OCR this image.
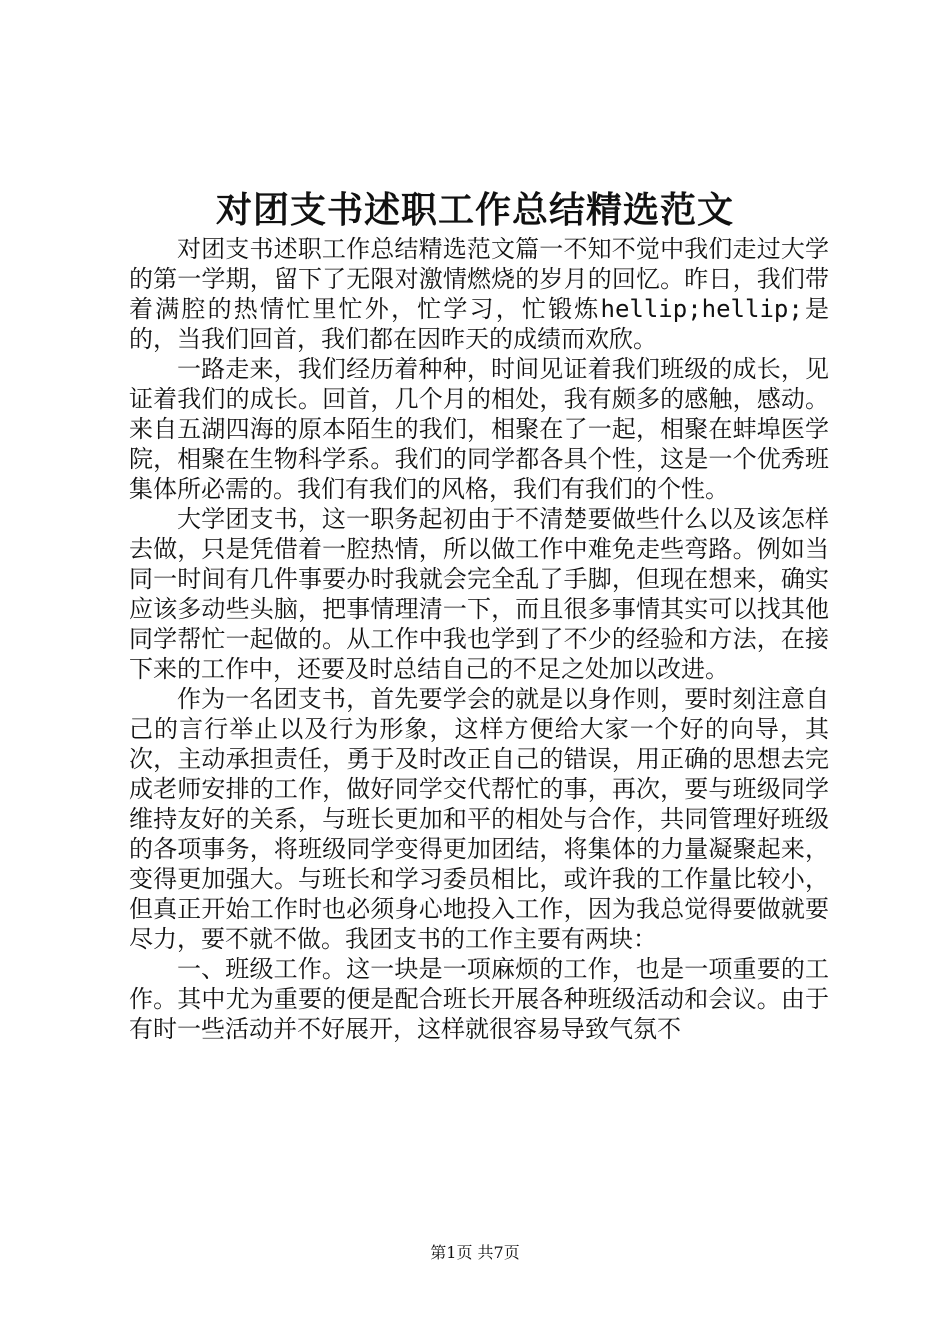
对团支书述职工作总结精选范文

对团支书述职工作总结精选范文篇一不知不觉中我们走过大学的第一学期，留下了无限对激情燃烧的岁月的回忆。昨日，我们带着满腔的热情忙里忙外，忙学习，忙锻炼hellip;hellip;是的，当我们回首，我们都在因昨天的成绩而欢欣。

一路走来，我们经历着种种，时间见证着我们班级的成长，见证着我们的成长。回首，几个月的相处，我有颇多的感触，感动。来自五湖四海的原本陌生的我们，相聚在了一起，相聚在蚌埠医学院，相聚在生物科学系。我们的同学都各具个性，这是一个优秀班集体所必需的。我们有我们的风格，我们有我们的个性。

大学团支书，这一职务起初由于不清楚要做些什么以及该怎样去做，只是凭借着一腔热情，所以做工作中难免走些弯路。例如当同一时间有几件事要办时我就会完全乱了手脚，但现在想来，确实应该多动些头脑，把事情理清一下，而且很多事情其实可以找其他同学帮忙一起做的。从工作中我也学到了不少的经验和方法，在接下来的工作中，还要及时总结自己的不足之处加以改进。

作为一名团支书，首先要学会的就是以身作则，要时刻注意自己的言行举止以及行为形象，这样方便给大家一个好的向导，其次，主动承担责任，勇于及时改正自己的错误，用正确的思想去完成老师安排的工作，做好同学交代帮忙的事，再次，要与班级同学维持友好的关系，与班长更加和平的相处与合作，共同管理好班级的各项事务，将班级同学变得更加团结，将集体的力量凝聚起来，变得更加强大。与班长和学习委员相比，或许我的工作量比较小，但真正开始工作时也必须身心地投入工作，因为我总觉得要做就要尽力，要不就不做。我团支书的工作主要有两块：

一、班级工作。这一块是一项麻烦的工作，也是一项重要的工作。其中尤为重要的便是配合班长开展各种班级活动和会议。由于有时一些活动并不好展开，这样就很容易导致气氛不

第1页 共7页
